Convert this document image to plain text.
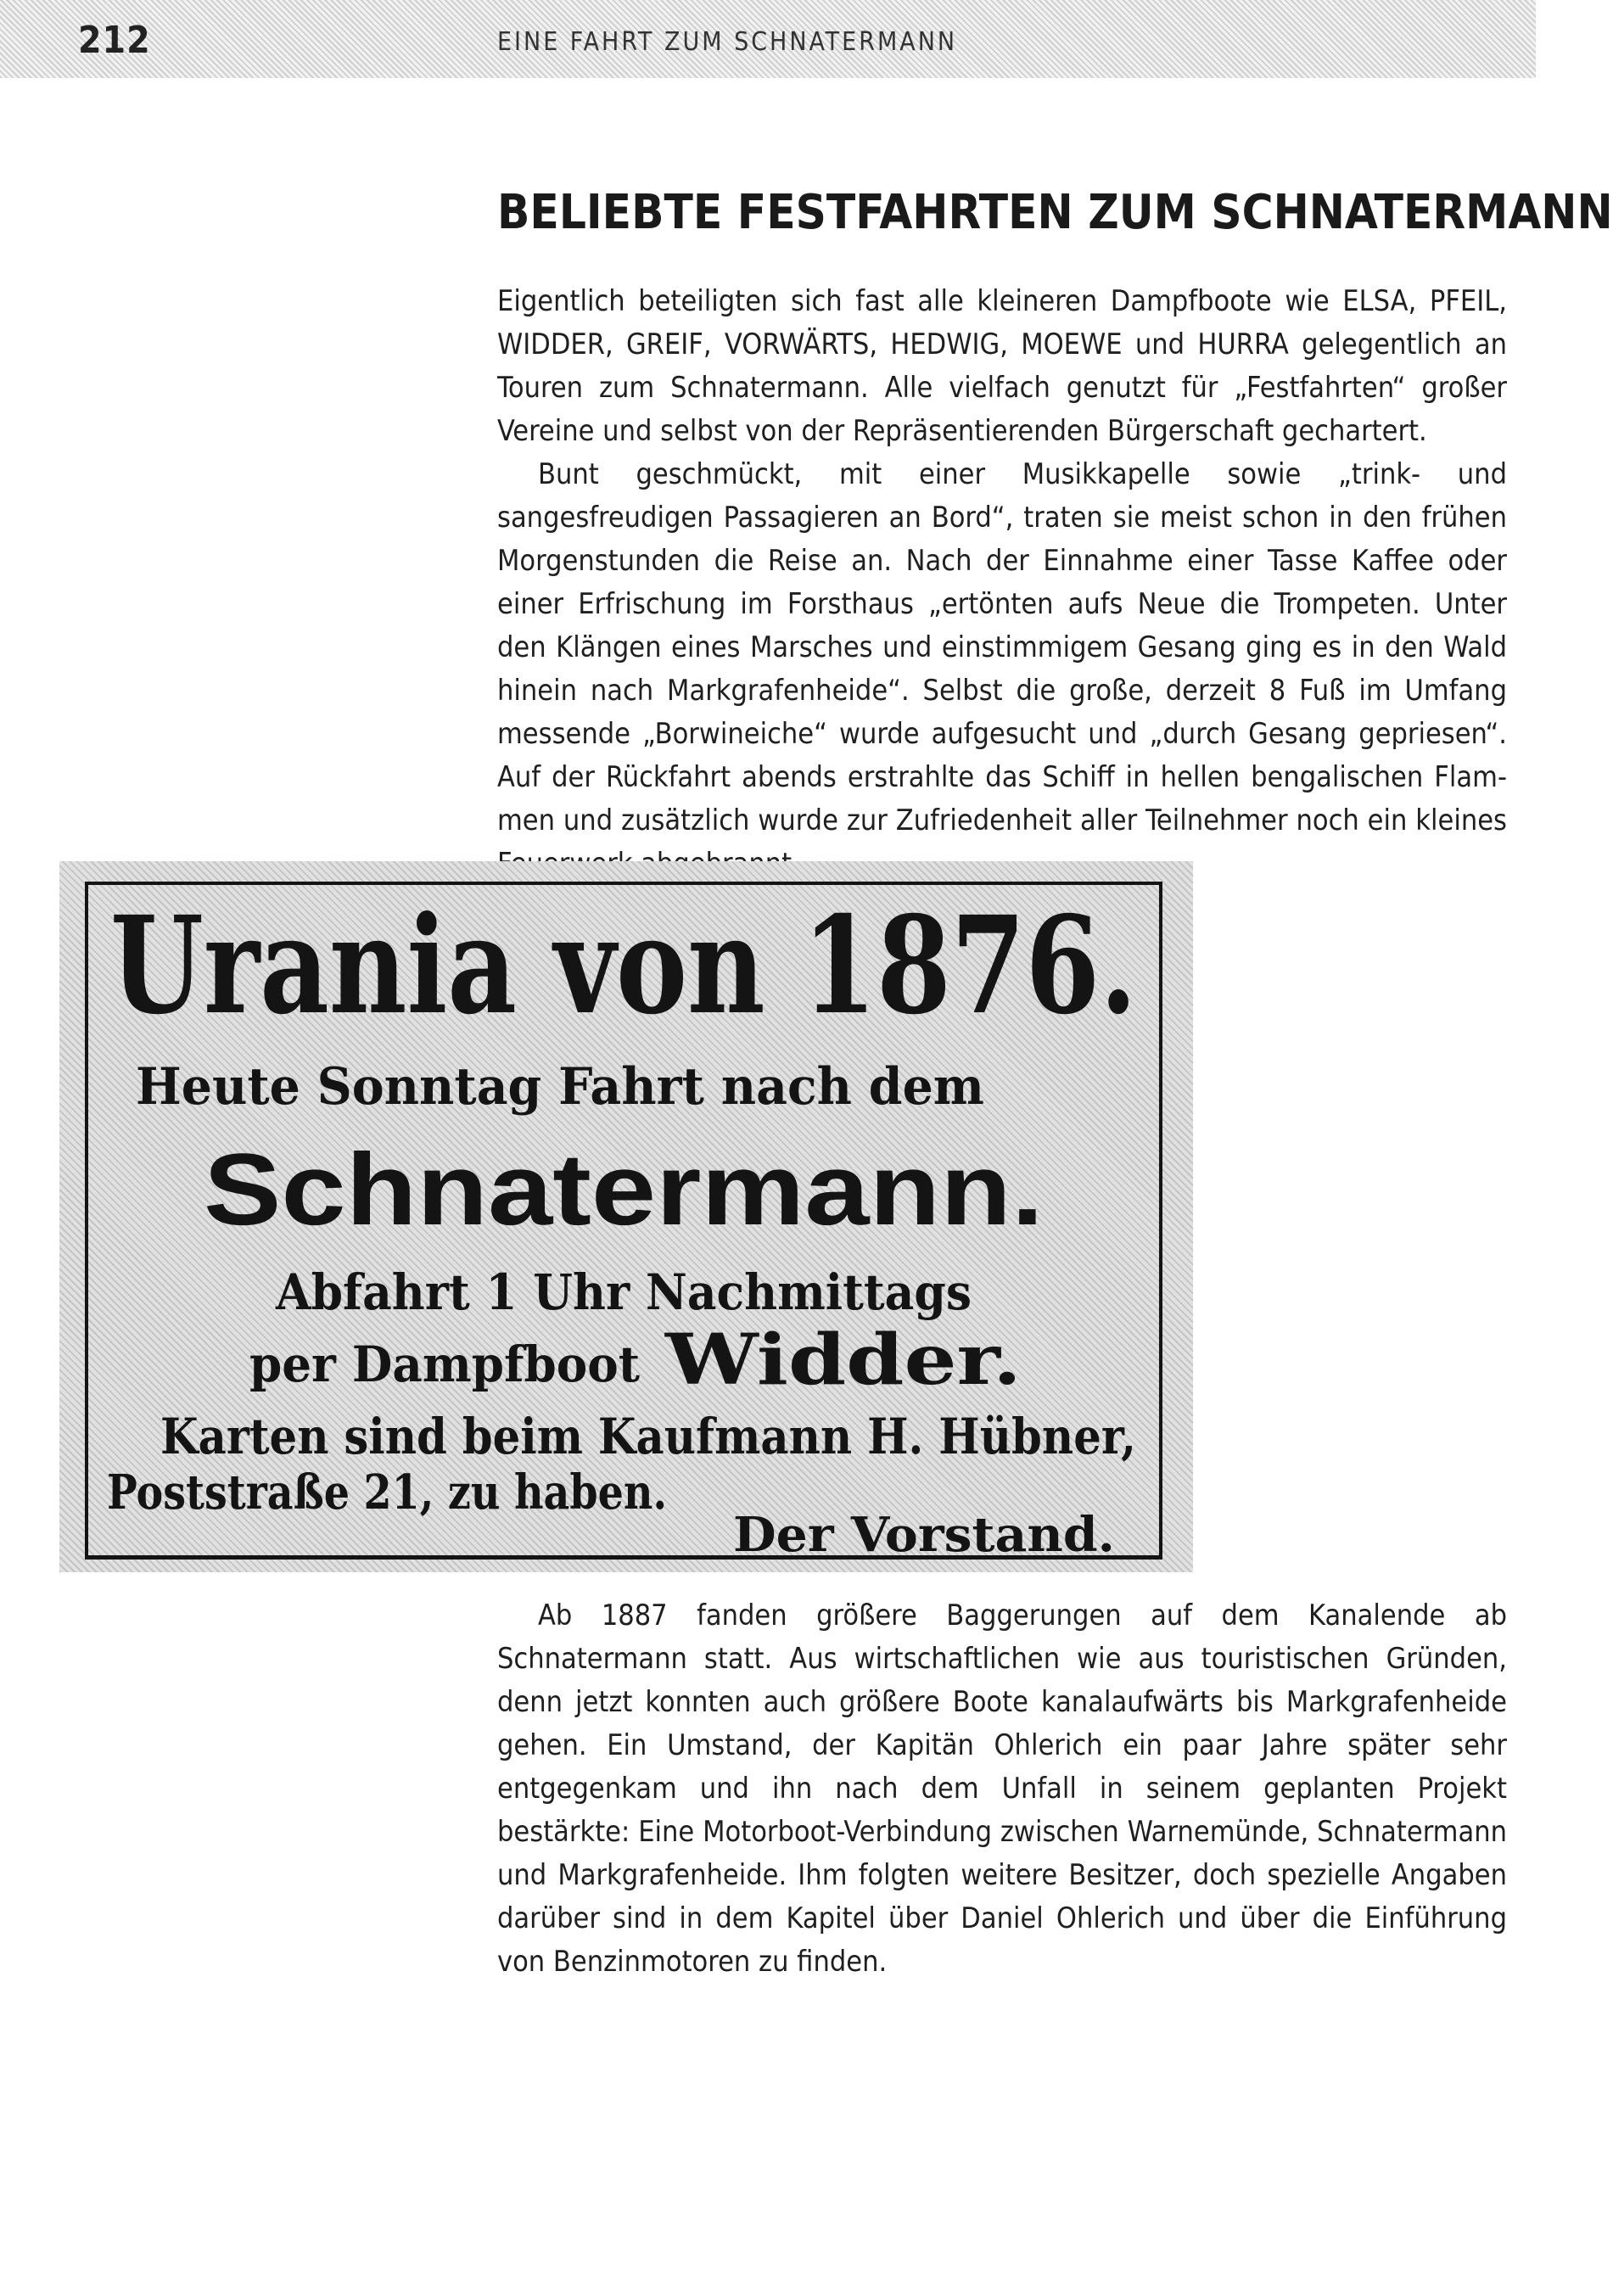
212	EINE FAHRT ZUM SCHNATERMANN
BELIEBTE FESTFAHRTEN ZUM SCHNATERMANN

Eigentlich beteiligten sich fast alle kleineren Dampfboote wie ELSA, PFEIL, WIDDER, GREIF, VORWÄRTS, HEDWIG, MOEWE und HURRA gelegentlich an Touren zum Schnatermann. Alle vielfach genutzt für „Festfahrten“ großer Vereine und selbst von der Repräsentierenden Bürgerschaft gechartert.

Bunt geschmückt, mit einer Musikkapelle sowie „trink- und sangesfreudigen Passagieren an Bord“, traten sie meist schon in den frühen Morgenstunden die Reise an. Nach der Einnahme einer Tasse Kaffee oder einer Erfrischung im Forsthaus „ertönten aufs Neue die Trompeten. Unter den Klängen eines Marsches und einstimmigem Gesang ging es in den Wald hinein nach Markgrafenheide“. Selbst die große, derzeit 8 Fuß im Umfang messende „Borwineiche“ wurde aufgesucht und „durch Gesang gepriesen“. Auf der Rückfahrt abends erstrahlte das Schiff in hellen bengalischen Flammen und zusätzlich wurde zur Zufriedenheit aller Teilnehmer noch ein kleines

Urania von 1876.
Heute Sonntag Fahrt nach dem
Schnatermann.
Abfahrt 1 Uhr Nachmittags
per Dampfboot Widder.
Karten sind beim Kaufmann H. Hübner,
Poststraße 21, zu haben.
Der Vorstand.

Ab 1887 fanden größere Baggerungen auf dem Kanalende ab Schnatermann statt. Aus wirtschaftlichen wie aus touristischen Gründen, denn jetzt konnten auch größere Boote kanalaufwärts bis Markgrafenheide gehen. Ein Umstand, der Kapitän Ohlerich ein paar Jahre später sehr entgegenkam und ihn nach dem Unfall in seinem geplanten Projekt bestärkte: Eine Motorboot-Verbindung zwischen Warnemünde, Schnatermann und Markgrafenheide. Ihm folgten weitere Besitzer, doch spezielle Angaben darüber sind in dem Kapitel über Daniel Ohlerich und über die Einführung von Benzinmotoren zu finden.
